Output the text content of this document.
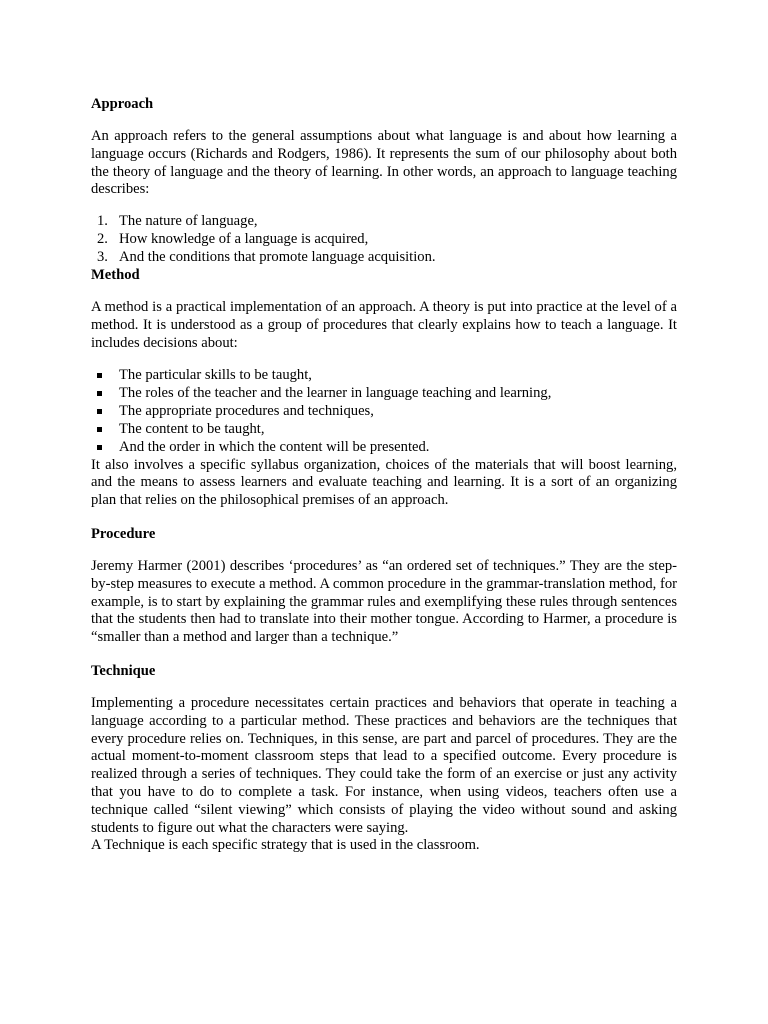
Approach

An approach refers to the general assumptions about what language is and about how learning a language occurs (Richards and Rodgers, 1986). It represents the sum of our philosophy about both the theory of language and the theory of learning. In other words, an approach to language teaching describes:

1. The nature of language,
2. How knowledge of a language is acquired,
3. And the conditions that promote language acquisition.

Method

A method is a practical implementation of an approach. A theory is put into practice at the level of a method. It is understood as a group of procedures that clearly explains how to teach a language. It includes decisions about:

The particular skills to be taught,
The roles of the teacher and the learner in language teaching and learning,
The appropriate procedures and techniques,
The content to be taught,
And the order in which the content will be presented.

It also involves a specific syllabus organization, choices of the materials that will boost learning, and the means to assess learners and evaluate teaching and learning. It is a sort of an organizing plan that relies on the philosophical premises of an approach.

Procedure

Jeremy Harmer (2001) describes ‘procedures’ as “an ordered set of techniques.” They are the step-by-step measures to execute a method. A common procedure in the grammar-translation method, for example, is to start by explaining the grammar rules and exemplifying these rules through sentences that the students then had to translate into their mother tongue. According to Harmer, a procedure is “smaller than a method and larger than a technique.”

Technique

Implementing a procedure necessitates certain practices and behaviors that operate in teaching a language according to a particular method. These practices and behaviors are the techniques that every procedure relies on. Techniques, in this sense, are part and parcel of procedures. They are the actual moment-to-moment classroom steps that lead to a specified outcome. Every procedure is realized through a series of techniques. They could take the form of an exercise or just any activity that you have to do to complete a task. For instance, when using videos, teachers often use a technique called “silent viewing” which consists of playing the video without sound and asking students to figure out what the characters were saying.

A Technique is each specific strategy that is used in the classroom.
